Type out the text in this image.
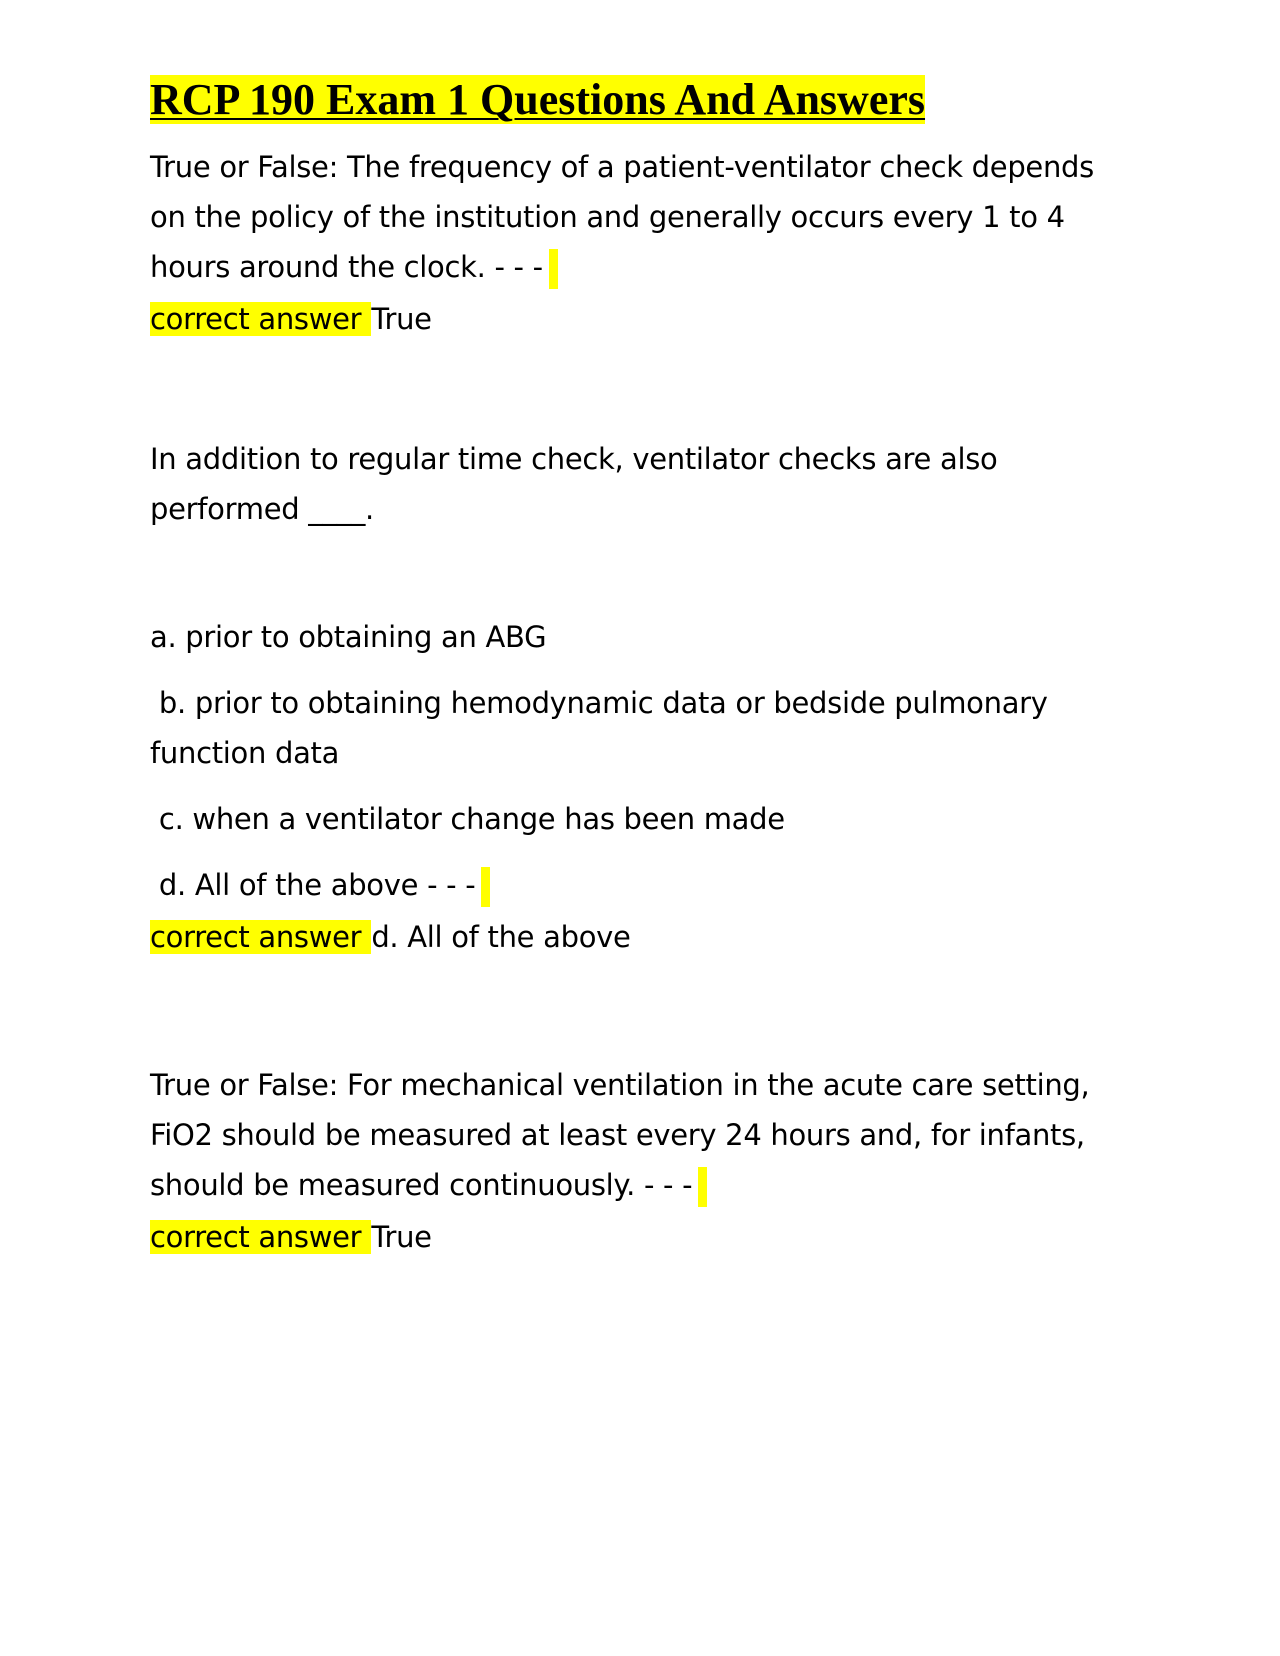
RCP 190 Exam 1 Questions And Answers

True or False: The frequency of a patient-ventilator check depends on the policy of the institution and generally occurs every 1 to 4 hours around the clock. - - -

correct answer True

In addition to regular time check, ventilator checks are also performed ____.

a. prior to obtaining an ABG

b. prior to obtaining hemodynamic data or bedside pulmonary function data

c. when a ventilator change has been made

d. All of the above - - -

correct answer d. All of the above

True or False: For mechanical ventilation in the acute care setting, FiO2 should be measured at least every 24 hours and, for infants, should be measured continuously. - - -

correct answer True
